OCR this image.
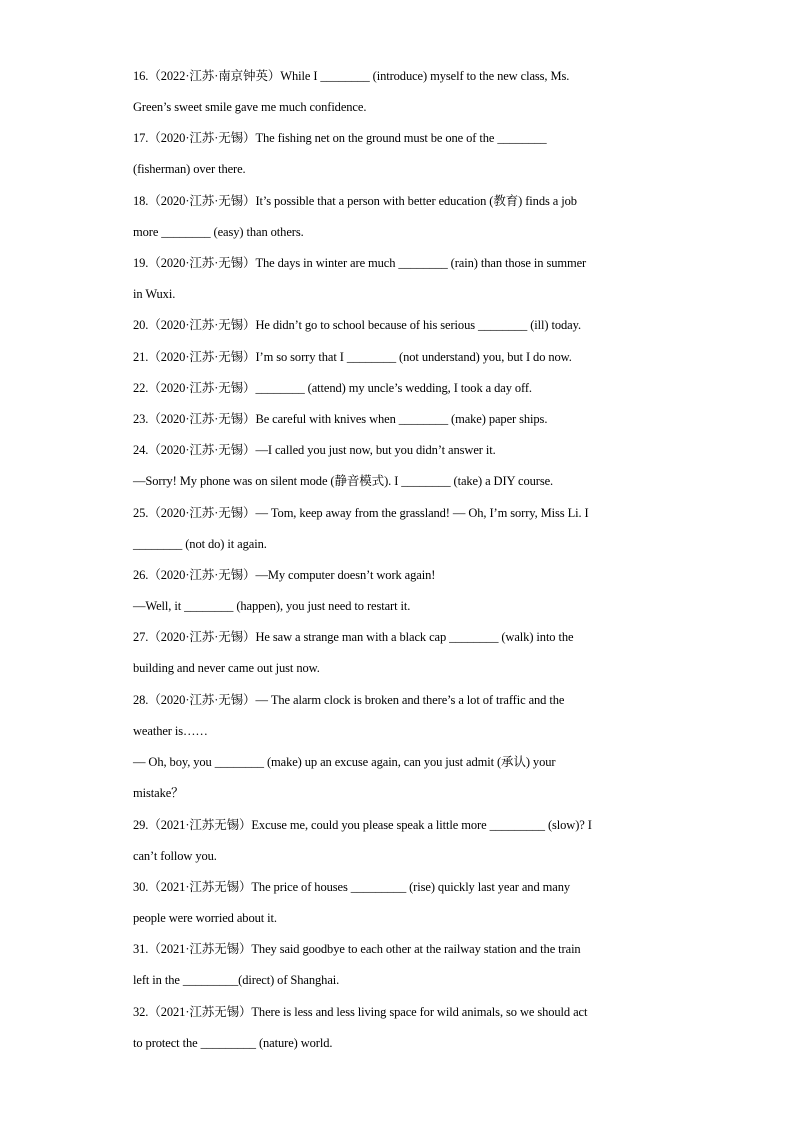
16.（2022·江苏·南京钟英）While I ________ (introduce) myself to the new class, Ms.
Green’s sweet smile gave me much confidence.
17.（2020·江苏·无锡）The fishing net on the ground must be one of the ________
(fisherman) over there.
18.（2020·江苏·无锡）It’s possible that a person with better education (教育) finds a job
more ________ (easy) than others.
19.（2020·江苏·无锡）The days in winter are much ________ (rain) than those in summer
in Wuxi.
20.（2020·江苏·无锡）He didn’t go to school because of his serious ________ (ill) today.
21.（2020·江苏·无锡）I’m so sorry that I ________ (not understand) you, but I do now.
22.（2020·江苏·无锡）________ (attend) my uncle’s wedding, I took a day off.
23.（2020·江苏·无锡）Be careful with knives when ________ (make) paper ships.
24.（2020·江苏·无锡）—I called you just now, but you didn’t answer it.
—Sorry! My phone was on silent mode (静音模式). I ________ (take) a DIY course.
25.（2020·江苏·无锡）— Tom, keep away from the grassland! — Oh, I’m sorry, Miss Li. I
________ (not do) it again.
26.（2020·江苏·无锡）—My computer doesn’t work again!
—Well, it ________ (happen), you just need to restart it.
27.（2020·江苏·无锡）He saw a strange man with a black cap ________ (walk) into the
building and never came out just now.
28.（2020·江苏·无锡）— The alarm clock is broken and there’s a lot of traffic and the
weather is……
— Oh, boy, you ________ (make) up an excuse again, can you just admit (承认) your
mistake？
29.（2021·江苏无锡）Excuse me, could you please speak a little more _________ (slow)? I
can’t follow you.
30.（2021·江苏无锡）The price of houses _________ (rise) quickly last year and many
people were worried about it.
31.（2021·江苏无锡）They said goodbye to each other at the railway station and the train
left in the _________(direct) of Shanghai.
32.（2021·江苏无锡）There is less and less living space for wild animals, so we should act
to protect the _________ (nature) world.
